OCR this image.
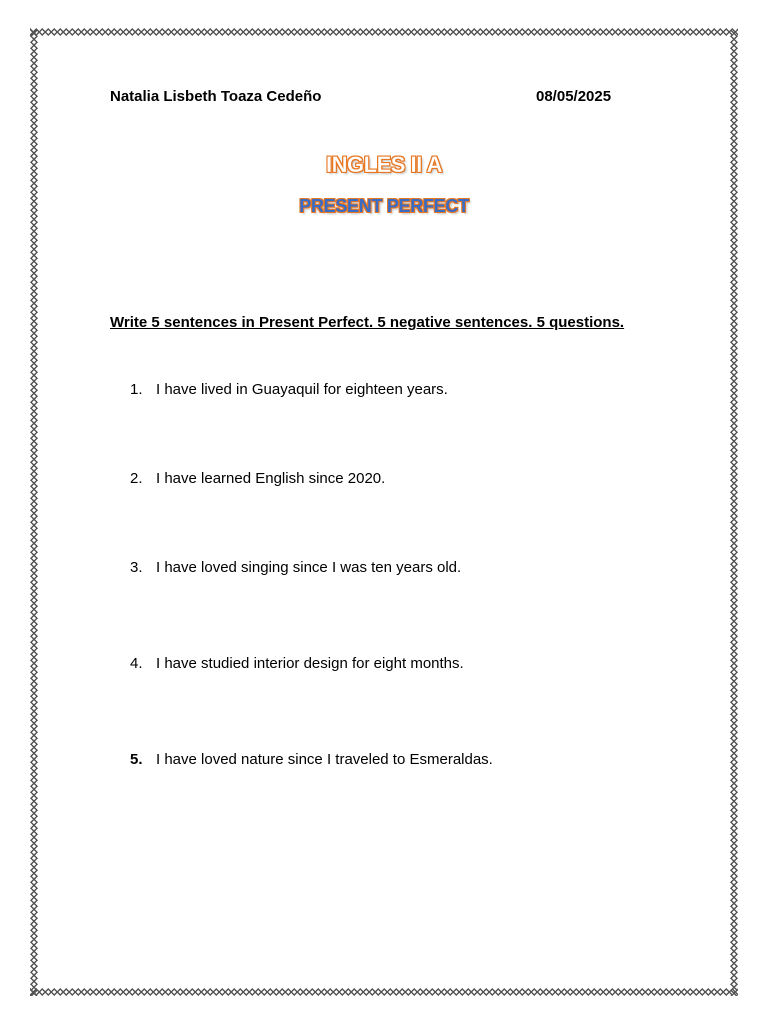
Natalia Lisbeth Toaza Cedeño	08/05/2025
INGLES II A
PRESENT PERFECT
Write 5 sentences in Present Perfect. 5 negative sentences. 5 questions.
1. I have lived in Guayaquil for eighteen years.
2. I have learned English since 2020.
3. I have loved singing since I was ten years old.
4. I have studied interior design for eight months.
5. I have loved nature since I traveled to Esmeraldas.
